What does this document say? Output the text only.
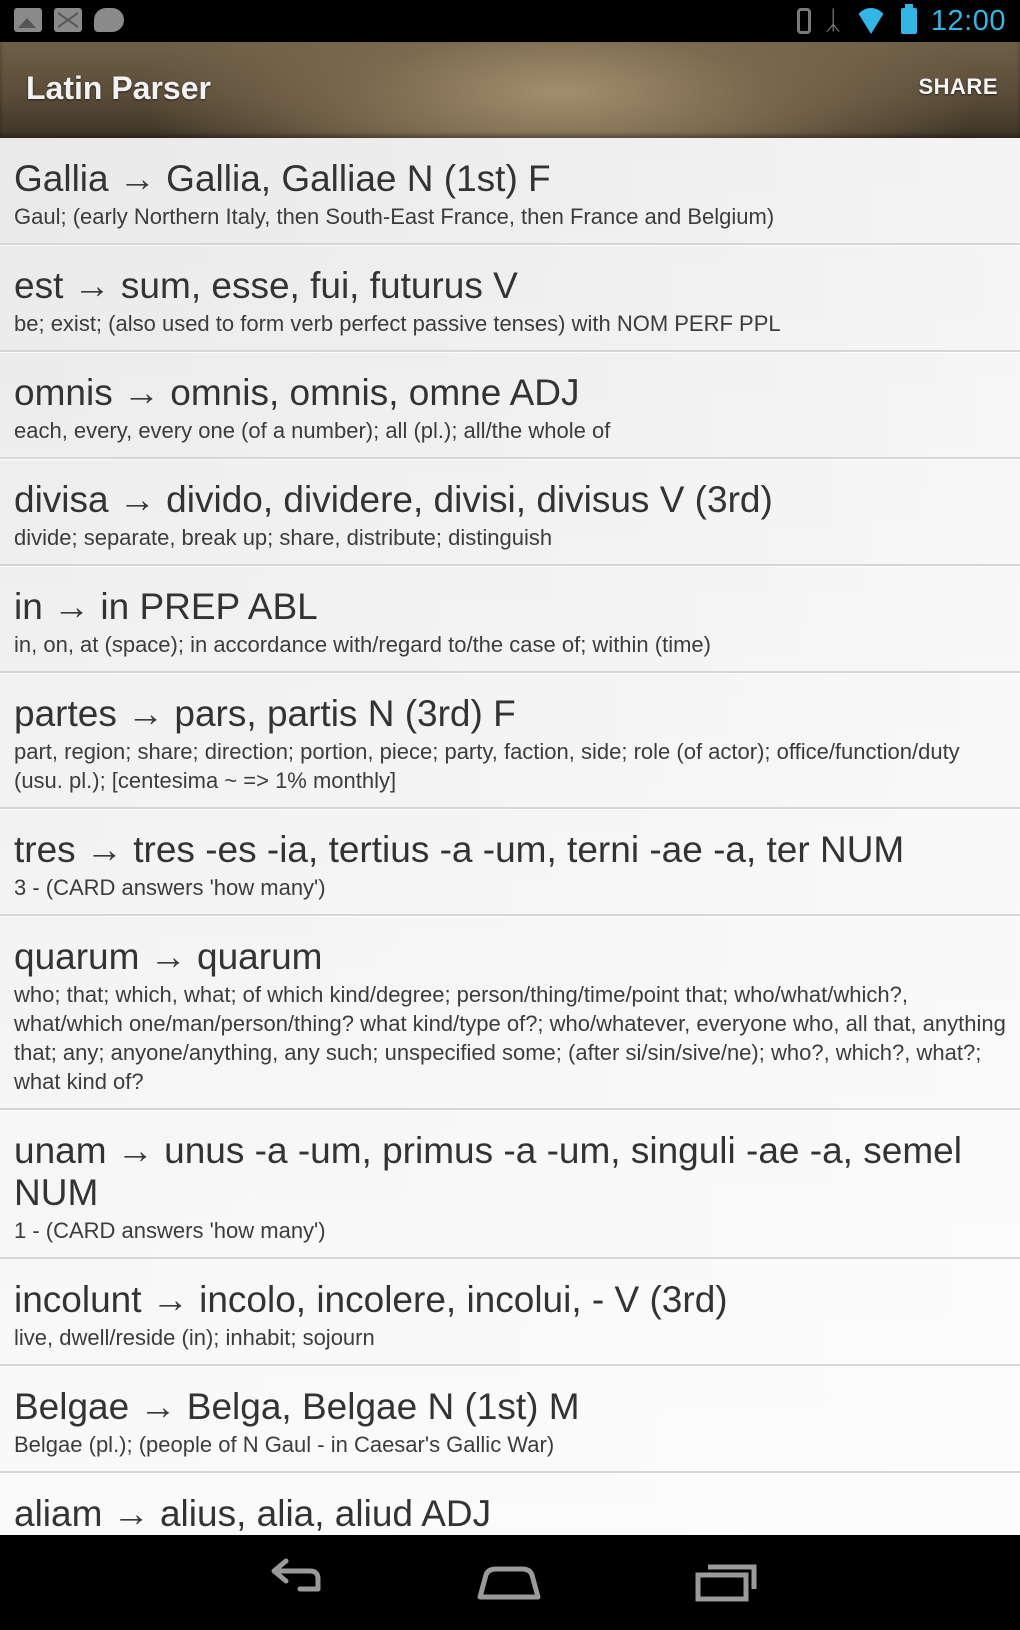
ᛣ	12:00
Latin Parser	SHARE
Gallia → Gallia, Galliae N (1st) F
Gaul; (early Northern Italy, then South-East France, then France and Belgium)
est → sum, esse, fui, futurus V
be; exist; (also used to form verb perfect passive tenses) with NOM PERF PPL
omnis → omnis, omnis, omne ADJ
each, every, every one (of a number); all (pl.); all/the whole of
divisa → divido, dividere, divisi, divisus V (3rd)
divide; separate, break up; share, distribute; distinguish
in → in PREP ABL
in, on, at (space); in accordance with/regard to/the case of; within (time)
partes → pars, partis N (3rd) F
part, region; share; direction; portion, piece; party, faction, side; role (of actor); office/function/duty (usu. pl.); [centesima ~ => 1% monthly]
tres → tres -es -ia, tertius -a -um, terni -ae -a, ter NUM
3 - (CARD answers 'how many')
quarum → quarum
who; that; which, what; of which kind/degree; person/thing/time/point that; who/what/which?, what/which one/man/person/thing? what kind/type of?; who/whatever, everyone who, all that, anything that; any; anyone/anything, any such; unspecified some; (after si/sin/sive/ne); who?, which?, what?; what kind of?
unam → unus -a -um, primus -a -um, singuli -ae -a, semel NUM
1 - (CARD answers 'how many')
incolunt → incolo, incolere, incolui, - V (3rd)
live, dwell/reside (in); inhabit; sojourn
Belgae → Belga, Belgae N (1st) M
Belgae (pl.); (people of N Gaul - in Caesar's Gallic War)
aliam → alius, alia, aliud ADJ
